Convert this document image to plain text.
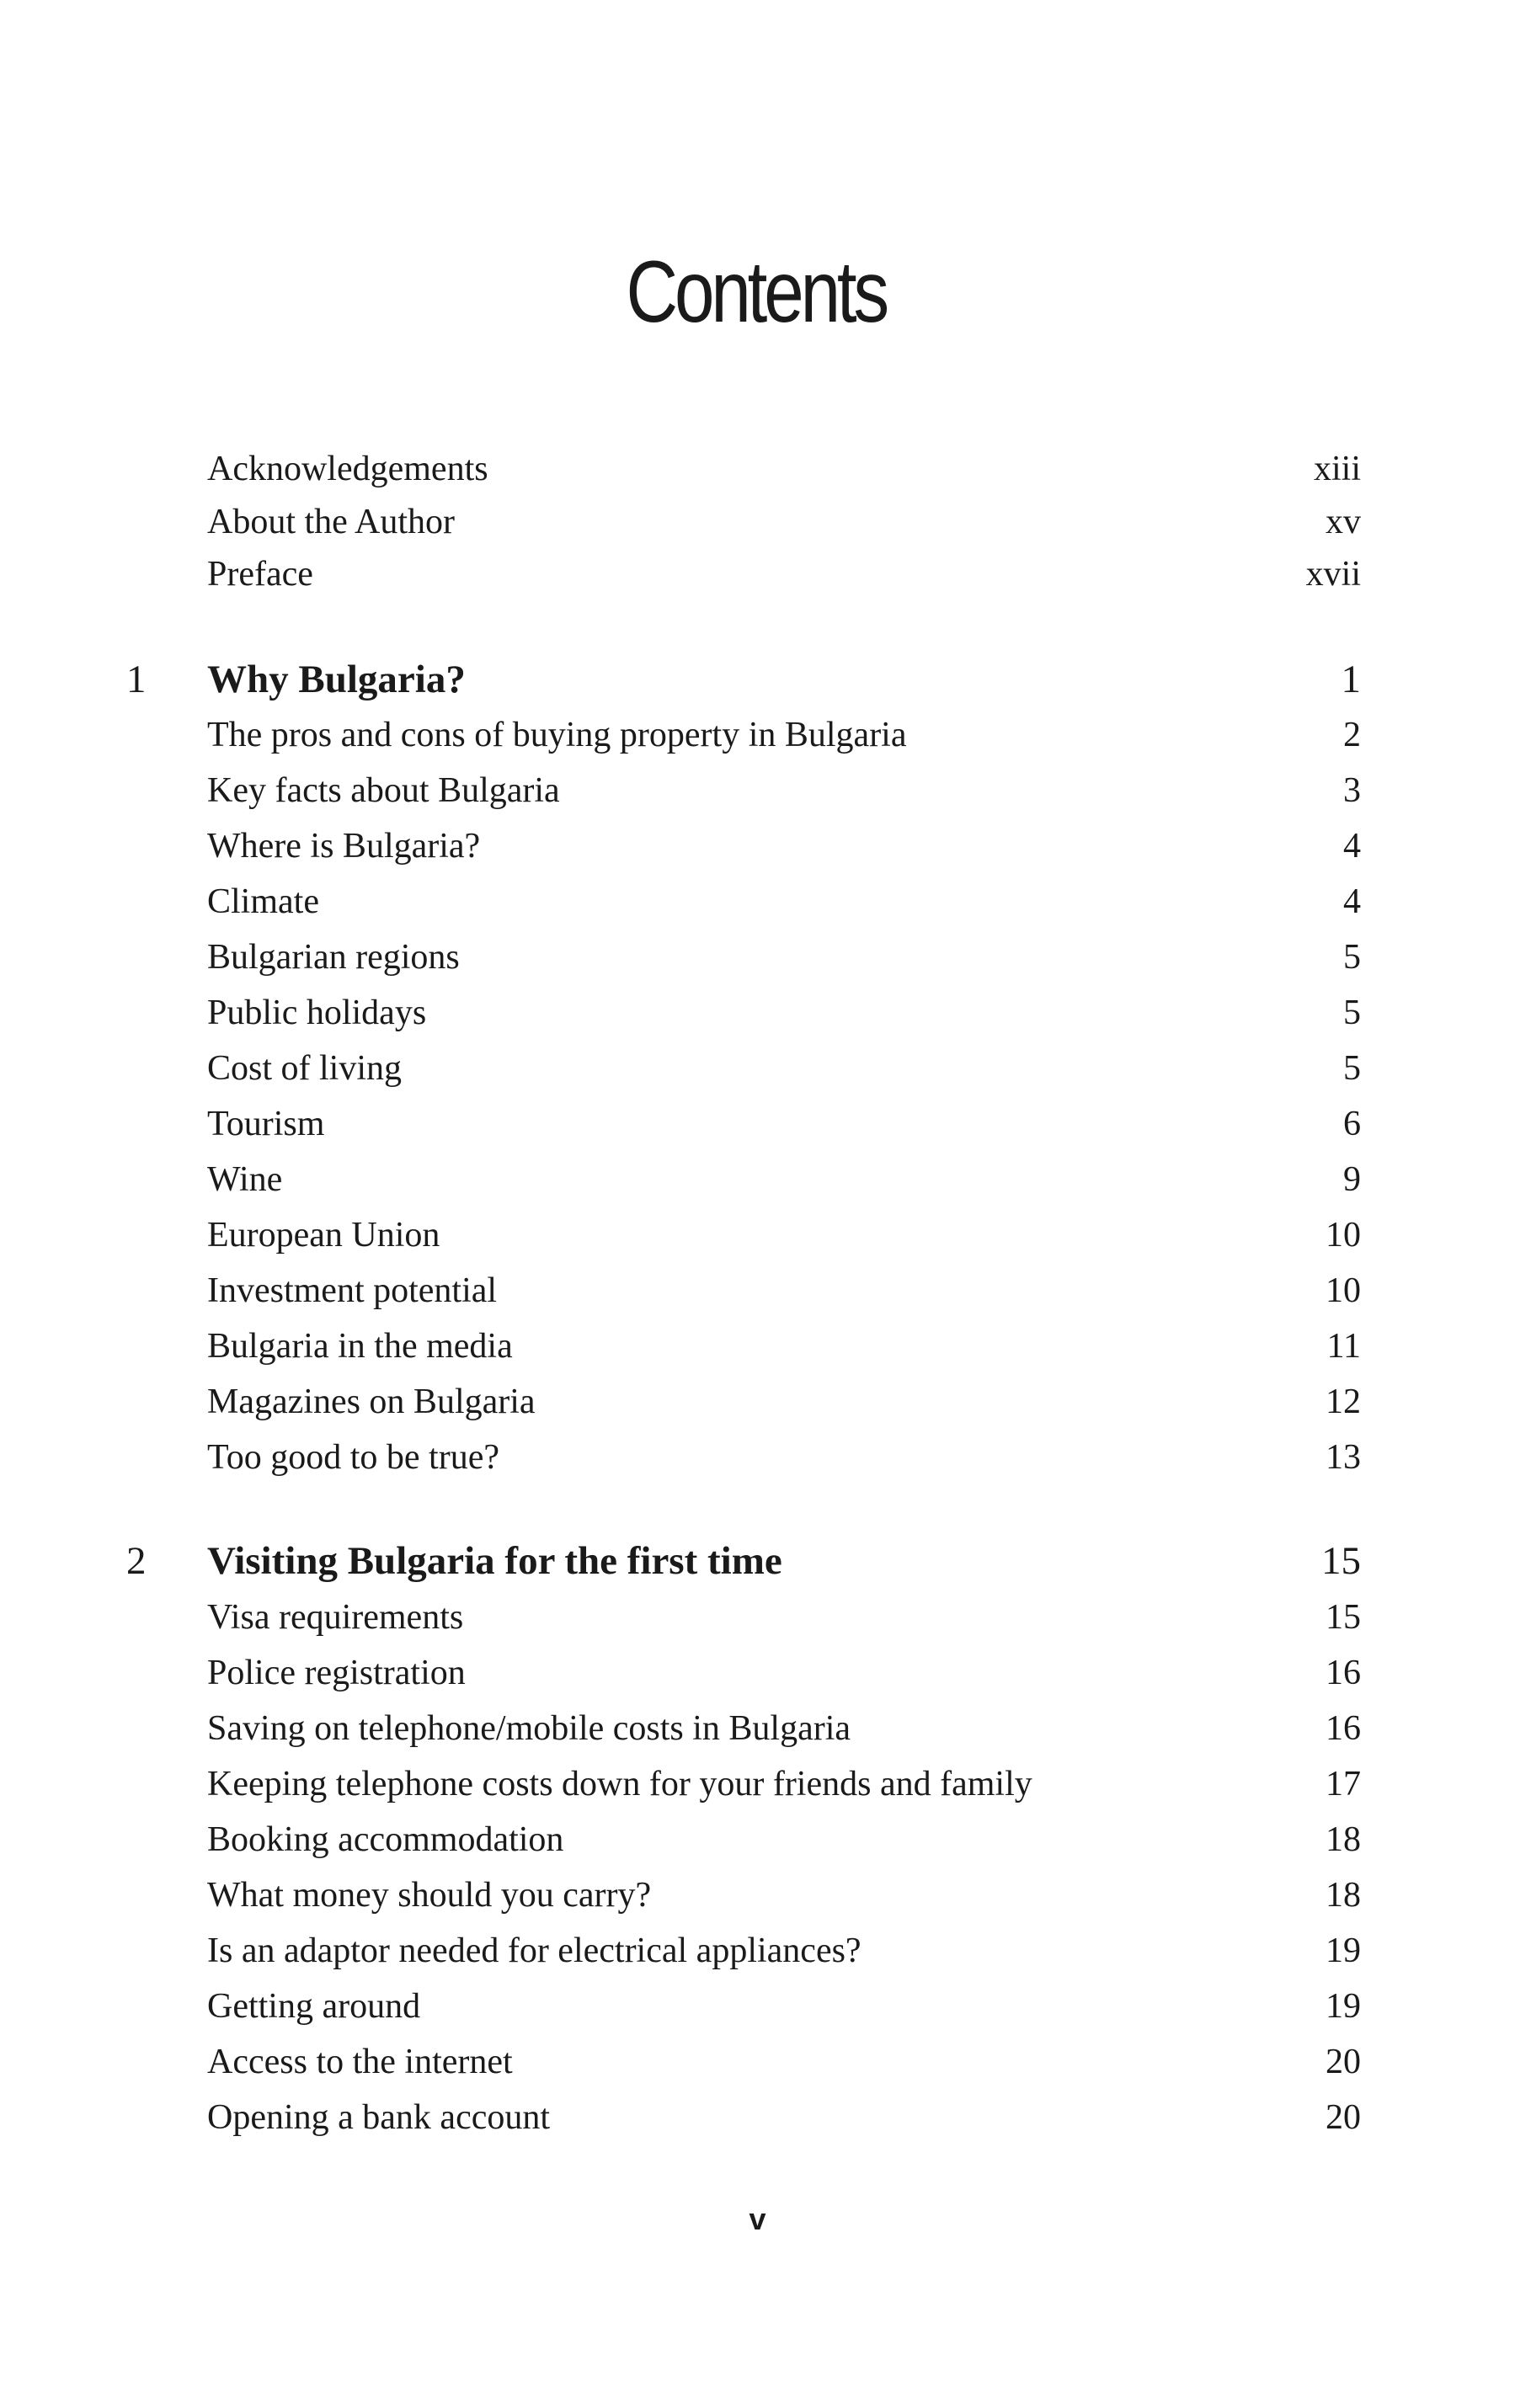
Contents
Acknowledgements	xiii
About the Author	xv
Preface	xvii
1 Why Bulgaria?	1
The pros and cons of buying property in Bulgaria	2
Key facts about Bulgaria	3
Where is Bulgaria?	4
Climate	4
Bulgarian regions	5
Public holidays	5
Cost of living	5
Tourism	6
Wine	9
European Union	10
Investment potential	10
Bulgaria in the media	11
Magazines on Bulgaria	12
Too good to be true?	13
2 Visiting Bulgaria for the first time	15
Visa requirements	15
Police registration	16
Saving on telephone/mobile costs in Bulgaria	16
Keeping telephone costs down for your friends and family	17
Booking accommodation	18
What money should you carry?	18
Is an adaptor needed for electrical appliances?	19
Getting around	19
Access to the internet	20
Opening a bank account	20
v
